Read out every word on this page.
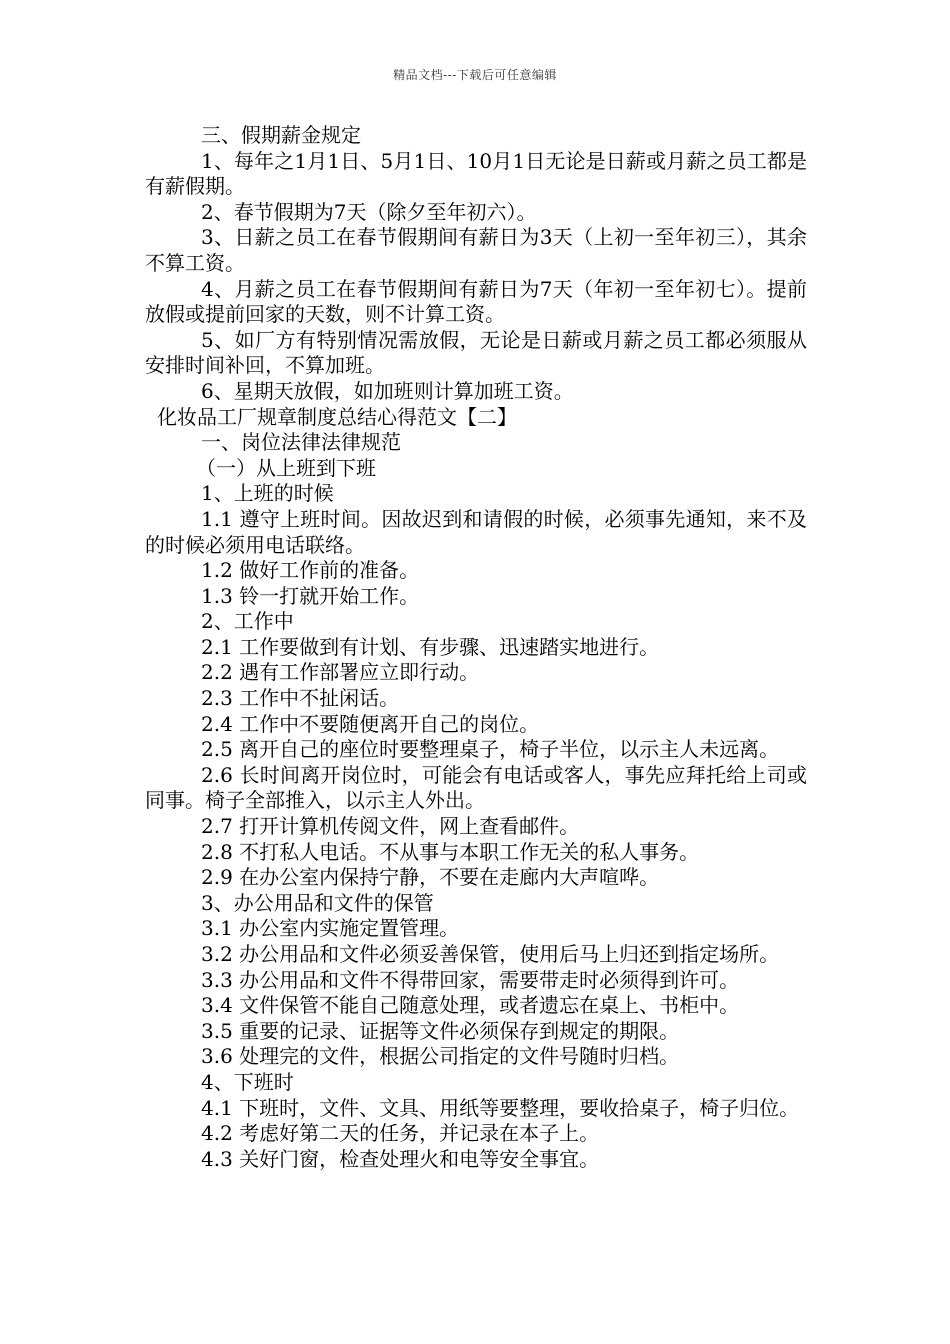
精品文档---下载后可任意编辑

三、假期薪金规定

1、每年之1月1日、5月1日、10月1日无论是日薪或月薪之员工都是有薪假期。

2、春节假期为7天（除夕至年初六）。

3、日薪之员工在春节假期间有薪日为3天（上初一至年初三），其余不算工资。

4、月薪之员工在春节假期间有薪日为7天（年初一至年初七）。提前放假或提前回家的天数，则不计算工资。

5、如厂方有特别情况需放假，无论是日薪或月薪之员工都必须服从安排时间补回，不算加班。

6、星期天放假，如加班则计算加班工资。

化妆品工厂规章制度总结心得范文【二】

一、岗位法律法律规范

（一）从上班到下班

1、上班的时候

1.1 遵守上班时间。因故迟到和请假的时候，必须事先通知，来不及的时候必须用电话联络。

1.2 做好工作前的准备。

1.3 铃一打就开始工作。

2、工作中

2.1 工作要做到有计划、有步骤、迅速踏实地进行。

2.2 遇有工作部署应立即行动。

2.3 工作中不扯闲话。

2.4 工作中不要随便离开自己的岗位。

2.5 离开自己的座位时要整理桌子，椅子半位，以示主人未远离。

2.6 长时间离开岗位时，可能会有电话或客人，事先应拜托给上司或同事。椅子全部推入，以示主人外出。

2.7 打开计算机传阅文件，网上查看邮件。

2.8 不打私人电话。不从事与本职工作无关的私人事务。

2.9 在办公室内保持宁静，不要在走廊内大声喧哗。

3、办公用品和文件的保管

3.1 办公室内实施定置管理。

3.2 办公用品和文件必须妥善保管，使用后马上归还到指定场所。

3.3 办公用品和文件不得带回家，需要带走时必须得到许可。

3.4 文件保管不能自己随意处理，或者遗忘在桌上、书柜中。

3.5 重要的记录、证据等文件必须保存到规定的期限。

3.6 处理完的文件，根据公司指定的文件号随时归档。

4、下班时

4.1 下班时，文件、文具、用纸等要整理，要收拾桌子，椅子归位。

4.2 考虑好第二天的任务，并记录在本子上。

4.3 关好门窗，检查处理火和电等安全事宜。
